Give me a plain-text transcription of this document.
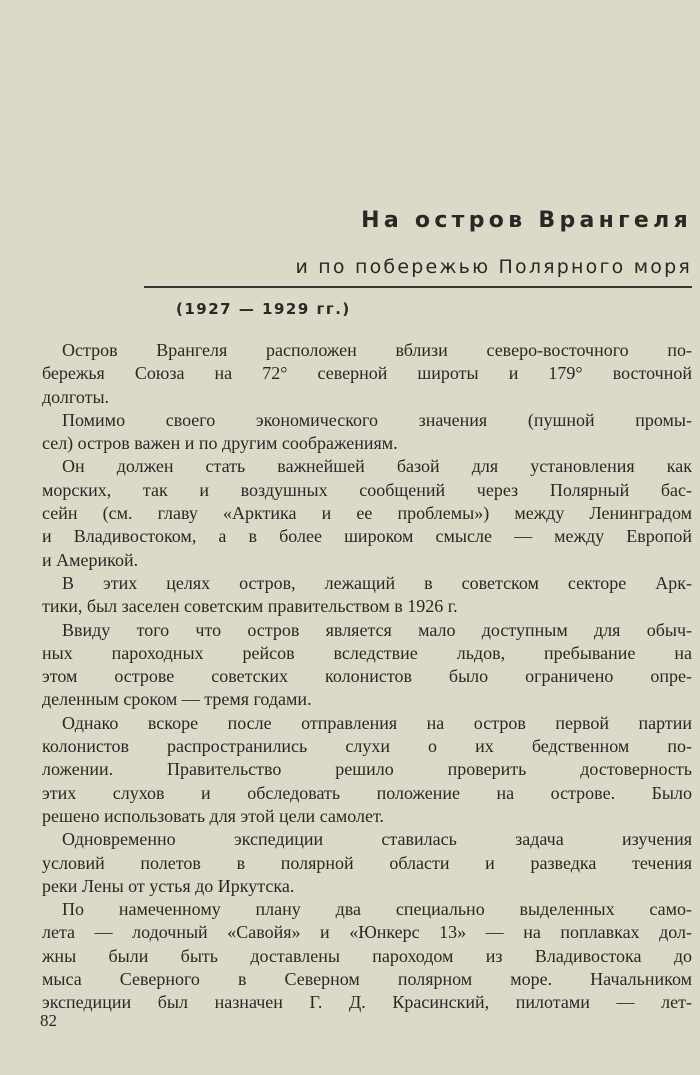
На остров Врангеля
и по побережью Полярного моря
(1927 — 1929 гг.)
Остров Врангеля расположен вблизи северо-восточного по-
бережья Союза на 72° северной широты и 179° восточной
долготы.
Помимо своего экономического значения (пушной промы-
сел) остров важен и по другим соображениям.
Он должен стать важнейшей базой для установления как
морских, так и воздушных сообщений через Полярный бас-
сейн (см. главу «Арктика и ее проблемы») между Ленинградом
и Владивостоком, а в более широком смысле — между Европой
и Америкой.
В этих целях остров, лежащий в советском секторе Арк-
тики, был заселен советским правительством в 1926 г.
Ввиду того что остров является мало доступным для обыч-
ных пароходных рейсов вследствие льдов, пребывание на
этом острове советских колонистов было ограничено опре-
деленным сроком — тремя годами.
Однако вскоре после отправления на остров первой партии
колонистов распространились слухи о их бедственном по-
ложении. Правительство решило проверить достоверность
этих слухов и обследовать положение на острове. Было
решено использовать для этой цели самолет.
Одновременно экспедиции ставилась задача изучения
условий полетов в полярной области и разведка течения
реки Лены от устья до Иркутска.
По намеченному плану два специально выделенных само-
лета — лодочный «Савойя» и «Юнкерс 13» — на поплавках дол-
жны были быть доставлены пароходом из Владивостока до
мыса Северного в Северном полярном море. Начальником
экспедиции был назначен Г. Д. Красинский, пилотами — лет-
82
